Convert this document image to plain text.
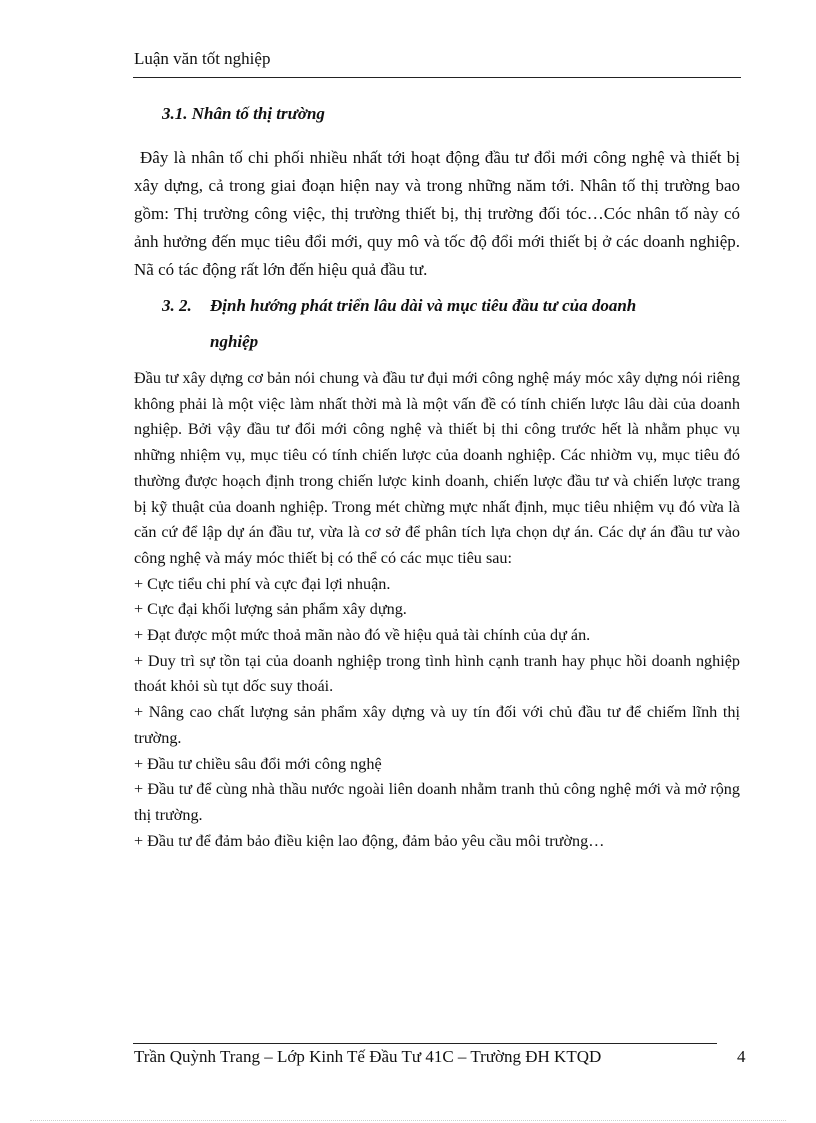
Luận văn tốt nghiệp
3.1. Nhân tố thị trường

Đây là nhân tố chi phối nhiều nhất tới hoạt động đầu tư đổi mới công nghệ và thiết bị xây dựng, cả trong giai đoạn hiện nay và trong những năm tới. Nhân tố thị trường bao gồm: Thị trường công việc, thị trường thiết bị, thị trường đối tóc…Cóc nhân tố này có ảnh hưởng đến mục tiêu đổi mới, quy mô và tốc độ đổi mới thiết bị ở các doanh nghiệp. Nã có tác động rất lớn đến hiệu quả đầu tư.

3. 2. Định hướng phát triển lâu dài và mục tiêu đầu tư của doanh
nghiệp

Đầu tư xây dựng cơ bản nói chung và đầu tư đụi mới công nghệ máy móc xây dựng nói riêng không phải là một việc làm nhất thời mà là một vấn đề có tính chiến lược lâu dài của doanh nghiệp. Bởi vậy đầu tư đổi mới công nghệ và thiết bị thi công trước hết là nhằm phục vụ những nhiệm vụ, mục tiêu có tính chiến lược của doanh nghiệp. Các nhiờm vụ, mục tiêu đó thường được hoạch định trong chiến lược kinh doanh, chiến lược đầu tư và chiến lược trang bị kỹ thuật của doanh nghiệp. Trong mét chừng mực nhất định, mục tiêu nhiệm vụ đó vừa là căn cứ để lập dự án đầu tư, vừa là cơ sở để phân tích lựa chọn dự án. Các dự án đầu tư vào công nghệ và máy móc thiết bị có thể có các mục tiêu sau:

+ Cực tiểu chi phí và cực đại lợi nhuận.
+ Cực đại khối lượng sản phẩm xây dựng.
+ Đạt được một mức thoả mãn nào đó về hiệu quả tài chính của dự án.
+ Duy trì sự tồn tại của doanh nghiệp trong tình hình cạnh tranh hay phục hồi doanh nghiệp thoát khỏi sù tụt dốc suy thoái.
+ Nâng cao chất lượng sản phẩm xây dựng và uy tín đối với chủ đầu tư để chiếm lĩnh thị trường.
+ Đầu tư chiều sâu đổi mới công nghệ
+ Đầu tư để cùng nhà thầu nước ngoài liên doanh nhằm tranh thủ công nghệ mới và mở rộng thị trường.
+ Đầu tư để đảm bảo điều kiện lao động, đảm bảo yêu cầu môi trường…
Trần Quỳnh Trang – Lớp Kinh Tế Đầu Tư 41C – Trường ĐH KTQD	4
